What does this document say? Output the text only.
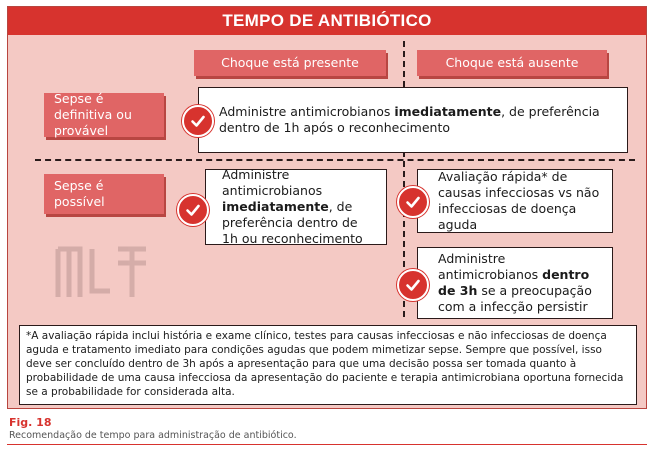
TEMPO DE ANTIBIÓTICO
Choque está presente	Choque está ausente
Sepse é definitiva ou provável
Administre antimicrobianos imediatamente, de preferência dentro de 1h após o reconhecimento
Sepse é possível
Administre antimicrobianos imediatamente, de preferência dentro de 1h ou reconhecimento
Avaliação rápida* de causas infecciosas vs não infecciosas de doença aguda
Administre antimicrobianos dentro de 3h se a preocupação com a infecção persistir
*A avaliação rápida inclui história e exame clínico, testes para causas infecciosas e não infecciosas de doença aguda e tratamento imediato para condições agudas que podem mimetizar sepse. Sempre que possível, isso deve ser concluído dentro de 3h após a apresentação para que uma decisão possa ser tomada quanto à probabilidade de uma causa infecciosa da apresentação do paciente e terapia antimicrobiana oportuna fornecida se a probabilidade for considerada alta.
Fig. 18
Recomendação de tempo para administração de antibiótico.
